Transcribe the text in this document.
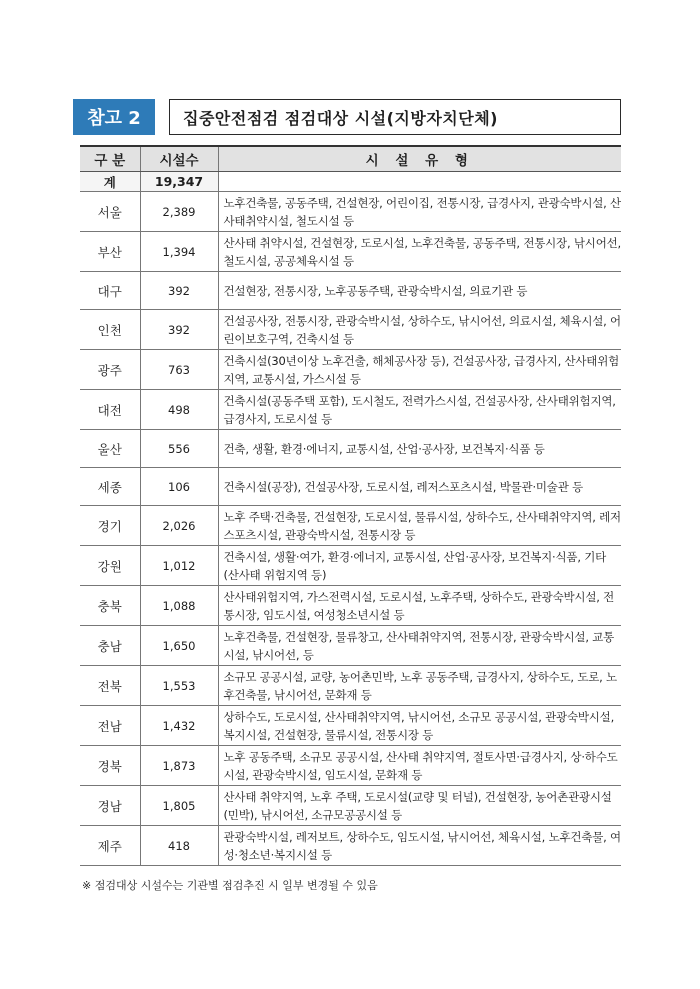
참고 2	집중안전점검 점검대상 시설(지방자치단체)
구 분	시설수	시 설 유 형
계	19,347	
서울	2,389	노후건축물, 공동주택, 건설현장, 어린이집, 전통시장, 급경사지, 관광숙박시설, 산사태취약시설, 철도시설 등
부산	1,394	산사태 취약시설, 건설현장, 도로시설, 노후건축물, 공동주택, 전통시장, 낚시어선, 철도시설, 공공체육시설 등
대구	392	건설현장, 전통시장, 노후공동주택, 관광숙박시설, 의료기관 등
인천	392	건설공사장, 전통시장, 관광숙박시설, 상하수도, 낚시어선, 의료시설, 체육시설, 어린이보호구역, 건축시설 등
광주	763	건축시설(30년이상 노후건출, 해체공사장 등), 건설공사장, 급경사지, 산사태위험지역, 교통시설, 가스시설 등
대전	498	건축시설(공동주택 포함), 도시철도, 전력가스시설, 건설공사장, 산사태위험지역, 급경사지, 도로시설 등
울산	556	건축, 생활, 환경·에너지, 교통시설, 산업·공사장, 보건복지·식품 등
세종	106	건축시설(공장), 건설공사장, 도로시설, 레저스포츠시설, 박물관·미술관 등
경기	2,026	노후 주택·건축물, 건설현장, 도로시설, 물류시설, 상하수도, 산사태취약지역, 레저스포츠시설, 관광숙박시설, 전통시장 등
강원	1,012	건축시설, 생활·여가, 환경·에너지, 교통시설, 산업·공사장, 보건복지·식품, 기타(산사태 위험지역 등)
충북	1,088	산사태위험지역, 가스전력시설, 도로시설, 노후주택, 상하수도, 관광숙박시설, 전통시장, 임도시설, 여성청소년시설 등
충남	1,650	노후건축물, 건설현장, 물류창고, 산사태취약지역, 전통시장, 관광숙박시설, 교통시설, 낚시어선, 등
전북	1,553	소규모 공공시설, 교량, 농어촌민박, 노후 공동주택, 급경사지, 상하수도, 도로, 노후건축물, 낚시어선, 문화재 등
전남	1,432	상하수도, 도로시설, 산사태취약지역, 낚시어선, 소규모 공공시설, 관광숙박시설, 복지시설, 건설현장, 물류시설, 전통시장 등
경북	1,873	노후 공동주택, 소규모 공공시설, 산사태 취약지역, 절토사면·급경사지, 상·하수도시설, 관광숙박시설, 임도시설, 문화재 등
경남	1,805	산사태 취약지역, 노후 주택, 도로시설(교량 및 터널), 건설현장, 농어촌관광시설(민박), 낚시어선, 소규모공공시설 등
제주	418	관광숙박시설, 레저보트, 상하수도, 임도시설, 낚시어선, 체육시설, 노후건축물, 여성·청소년·복지시설 등
※ 점검대상 시설수는 기관별 점검추진 시 일부 변경될 수 있음
